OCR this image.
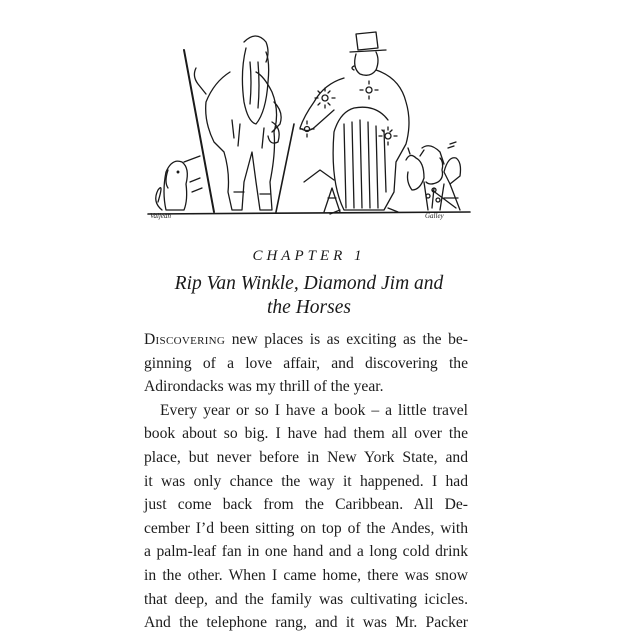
Valjean	Galley
CHAPTER 1
Rip Van Winkle, Diamond Jim and
the Horses
Discovering new places is as exciting as the be-
ginning of a love affair, and discovering the
Adirondacks was my thrill of the year.
Every year or so I have a book – a little travel
book about so big. I have had them all over the
place, but never before in New York State, and
it was only chance the way it happened. I had
just come back from the Caribbean. All De-
cember I’d been sitting on top of the Andes, with
a palm-leaf fan in one hand and a long cold drink
in the other. When I came home, there was snow
that deep, and the family was cultivating icicles.
And the telephone rang, and it was Mr. Packer
